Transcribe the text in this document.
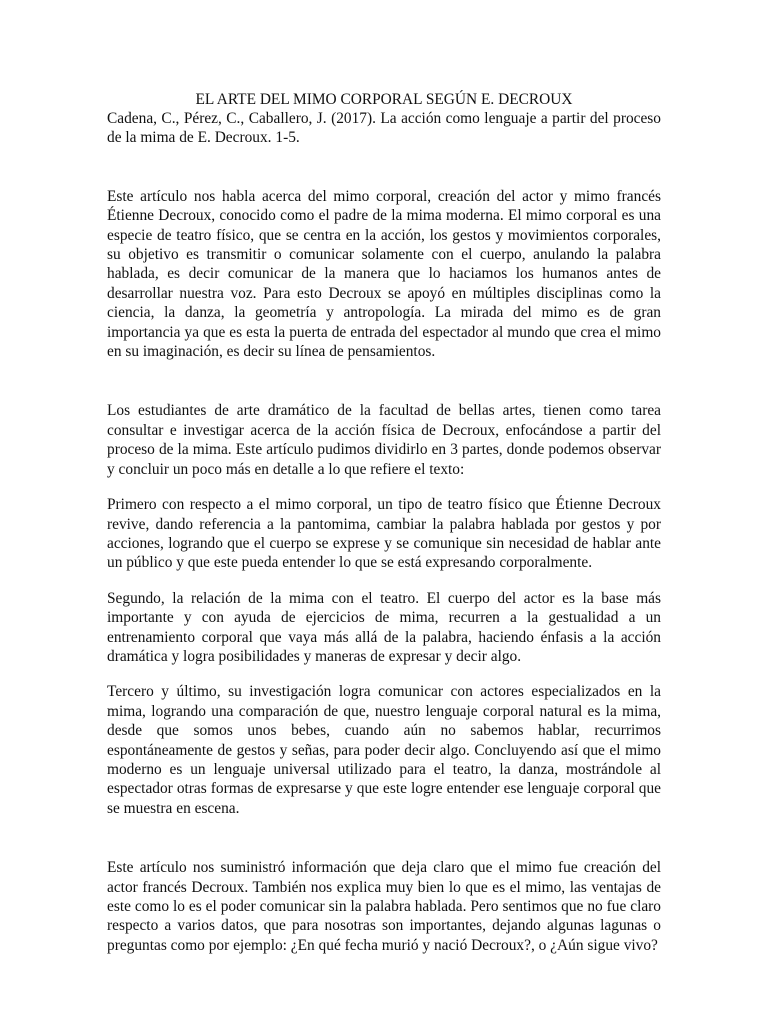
EL ARTE DEL MIMO CORPORAL SEGÚN E. DECROUX

Cadena, C., Pérez, C., Caballero, J. (2017). La acción como lenguaje a partir del proceso de la mima de E. Decroux. 1-5.

Este artículo nos habla acerca del mimo corporal, creación del actor y mimo francés Étienne Decroux, conocido como el padre de la mima moderna. El mimo corporal es una especie de teatro físico, que se centra en la acción, los gestos y movimientos corporales, su objetivo es transmitir o comunicar solamente con el cuerpo, anulando la palabra hablada, es decir comunicar de la manera que lo haciamos los humanos antes de desarrollar nuestra voz. Para esto Decroux se apoyó en múltiples disciplinas como la ciencia, la danza, la geometría y antropología. La mirada del mimo es de gran importancia ya que es esta la puerta de entrada del espectador al mundo que crea el mimo en su imaginación, es decir su línea de pensamientos.

Los estudiantes de arte dramático de la facultad de bellas artes, tienen como tarea consultar e investigar acerca de la acción física de Decroux, enfocándose a partir del proceso de la mima. Este artículo pudimos dividirlo en 3 partes, donde podemos observar y concluir un poco más en detalle a lo que refiere el texto:

Primero con respecto a el mimo corporal, un tipo de teatro físico que Étienne Decroux revive, dando referencia a la pantomima, cambiar la palabra hablada por gestos y por acciones, logrando que el cuerpo se exprese y se comunique sin necesidad de hablar ante un público y que este pueda entender lo que se está expresando corporalmente.

Segundo, la relación de la mima con el teatro. El cuerpo del actor es la base más importante y con ayuda de ejercicios de mima, recurren a la gestualidad a un entrenamiento corporal que vaya más allá de la palabra, haciendo énfasis a la acción dramática y logra posibilidades y maneras de expresar y decir algo.

Tercero y último, su investigación logra comunicar con actores especializados en la mima, logrando una comparación de que, nuestro lenguaje corporal natural es la mima, desde que somos unos bebes, cuando aún no sabemos hablar, recurrimos espontáneamente de gestos y señas, para poder decir algo. Concluyendo así que el mimo moderno es un lenguaje universal utilizado para el teatro, la danza, mostrándole al espectador otras formas de expresarse y que este logre entender ese lenguaje corporal que se muestra en escena.

Este artículo nos suministró información que deja claro que el mimo fue creación del actor francés Decroux. También nos explica muy bien lo que es el mimo, las ventajas de este como lo es el poder comunicar sin la palabra hablada. Pero sentimos que no fue claro respecto a varios datos, que para nosotras son importantes, dejando algunas lagunas o preguntas como por ejemplo: ¿En qué fecha murió y nació Decroux?, o ¿Aún sigue vivo?
